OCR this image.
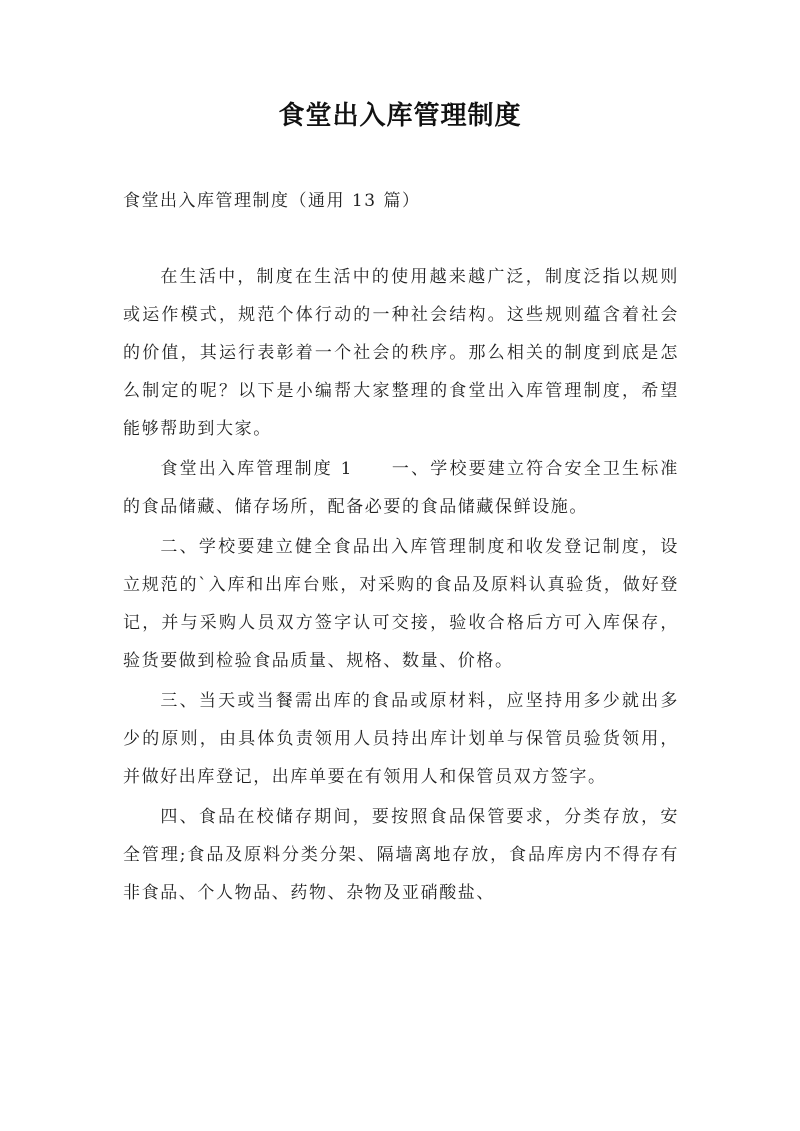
食堂出入库管理制度

食堂出入库管理制度（通用 13 篇）

在生活中，制度在生活中的使用越来越广泛，制度泛指以规则或运作模式，规范个体行动的一种社会结构。这些规则蕴含着社会的价值，其运行表彰着一个社会的秩序。那么相关的制度到底是怎么制定的呢？以下是小编帮大家整理的食堂出入库管理制度，希望能够帮助到大家。

食堂出入库管理制度 1　　一、学校要建立符合安全卫生标准的食品储藏、储存场所，配备必要的食品储藏保鲜设施。

二、学校要建立健全食品出入库管理制度和收发登记制度，设立规范的`入库和出库台账，对采购的食品及原料认真验货，做好登记，并与采购人员双方签字认可交接，验收合格后方可入库保存，验货要做到检验食品质量、规格、数量、价格。

三、当天或当餐需出库的食品或原材料，应坚持用多少就出多少的原则，由具体负责领用人员持出库计划单与保管员验货领用，并做好出库登记，出库单要在有领用人和保管员双方签字。

四、食品在校储存期间，要按照食品保管要求，分类存放，安全管理;食品及原料分类分架、隔墙离地存放，食品库房内不得存有非食品、个人物品、药物、杂物及亚硝酸盐、
